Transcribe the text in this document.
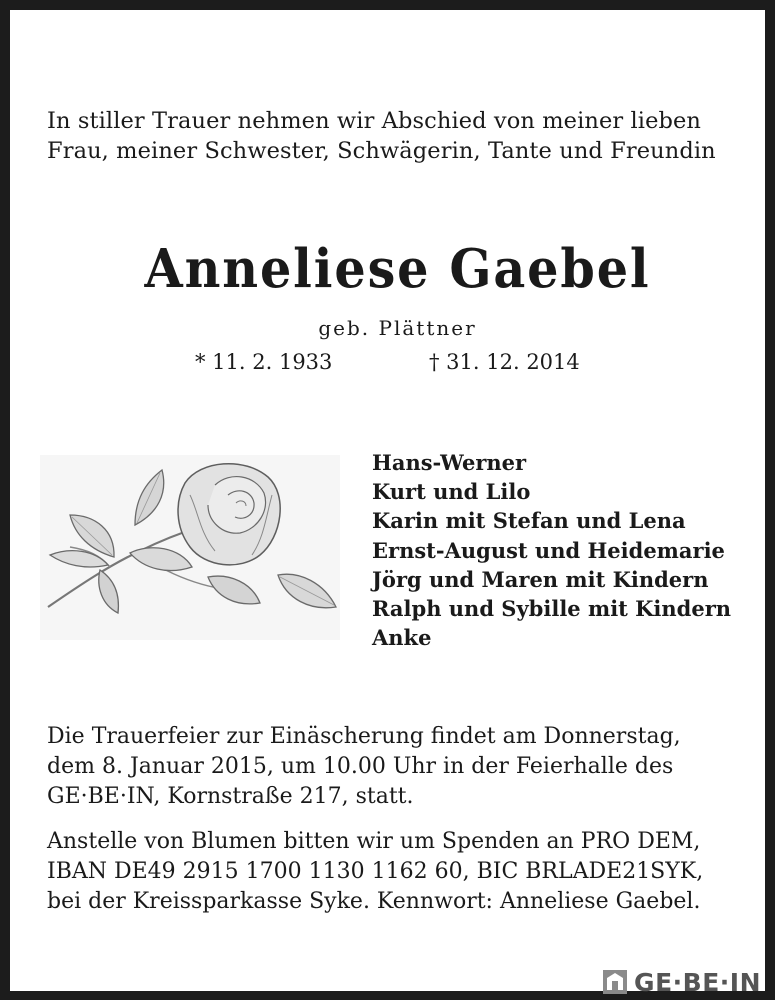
In stiller Trauer nehmen wir Abschied von meiner lieben
Frau, meiner Schwester, Schwägerin, Tante und Freundin
Anneliese Gaebel
geb. Plättner
* 11. 2. 1933	† 31. 12. 2014
Hans-Werner
Kurt und Lilo
Karin mit Stefan und Lena
Ernst-August und Heidemarie
Jörg und Maren mit Kindern
Ralph und Sybille mit Kindern
Anke
Die Trauerfeier zur Einäscherung findet am Donnerstag,
dem 8. Januar 2015, um 10.00 Uhr in der Feierhalle des
GE·BE·IN, Kornstraße 217, statt.
Anstelle von Blumen bitten wir um Spenden an PRO DEM,
IBAN DE49 2915 1700 1130 1162 60, BIC BRLADE21SYK,
bei der Kreissparkasse Syke. Kennwort: Anneliese Gaebel.
GE·BE·IN
